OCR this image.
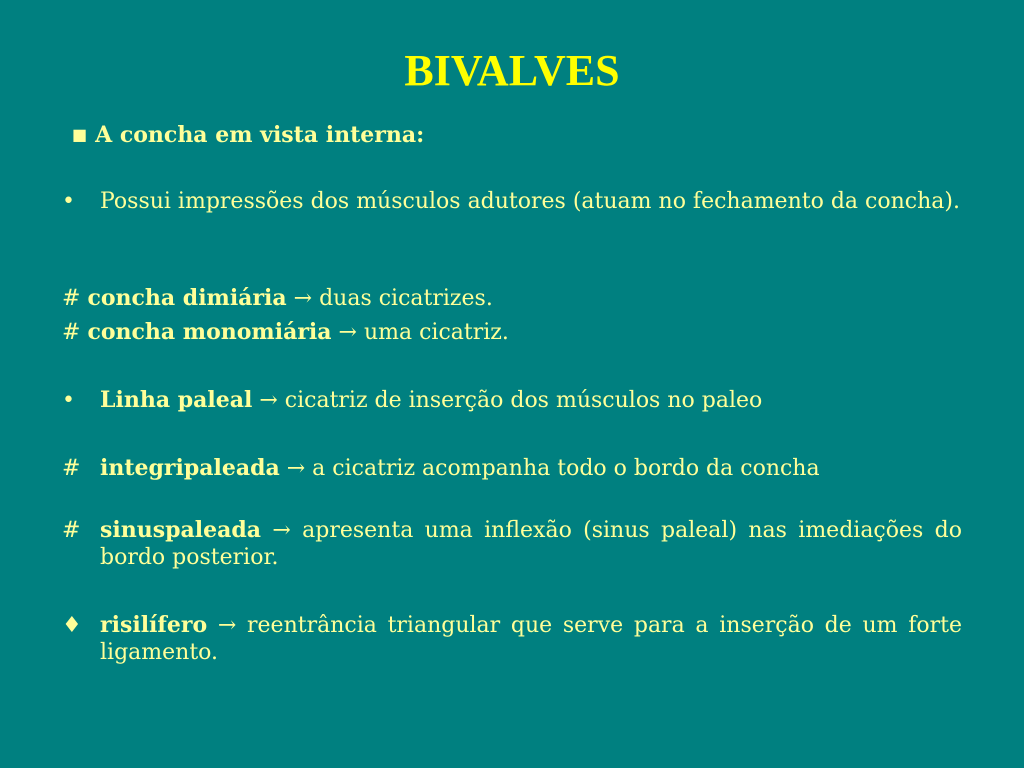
BIVALVES
■ A concha em vista interna:
• Possui impressões dos músculos adutores (atuam no fechamento da concha).
# concha dimiária → duas cicatrizes.
# concha monomiária → uma cicatriz.
• Linha paleal → cicatriz de inserção dos músculos no paleo
# integripaleada → a cicatriz acompanha todo o bordo da concha
# sinuspaleada → apresenta uma inflexão (sinus paleal) nas imediações do bordo posterior.
♦ risilífero → reentrância triangular que serve para a inserção de um forte ligamento.
